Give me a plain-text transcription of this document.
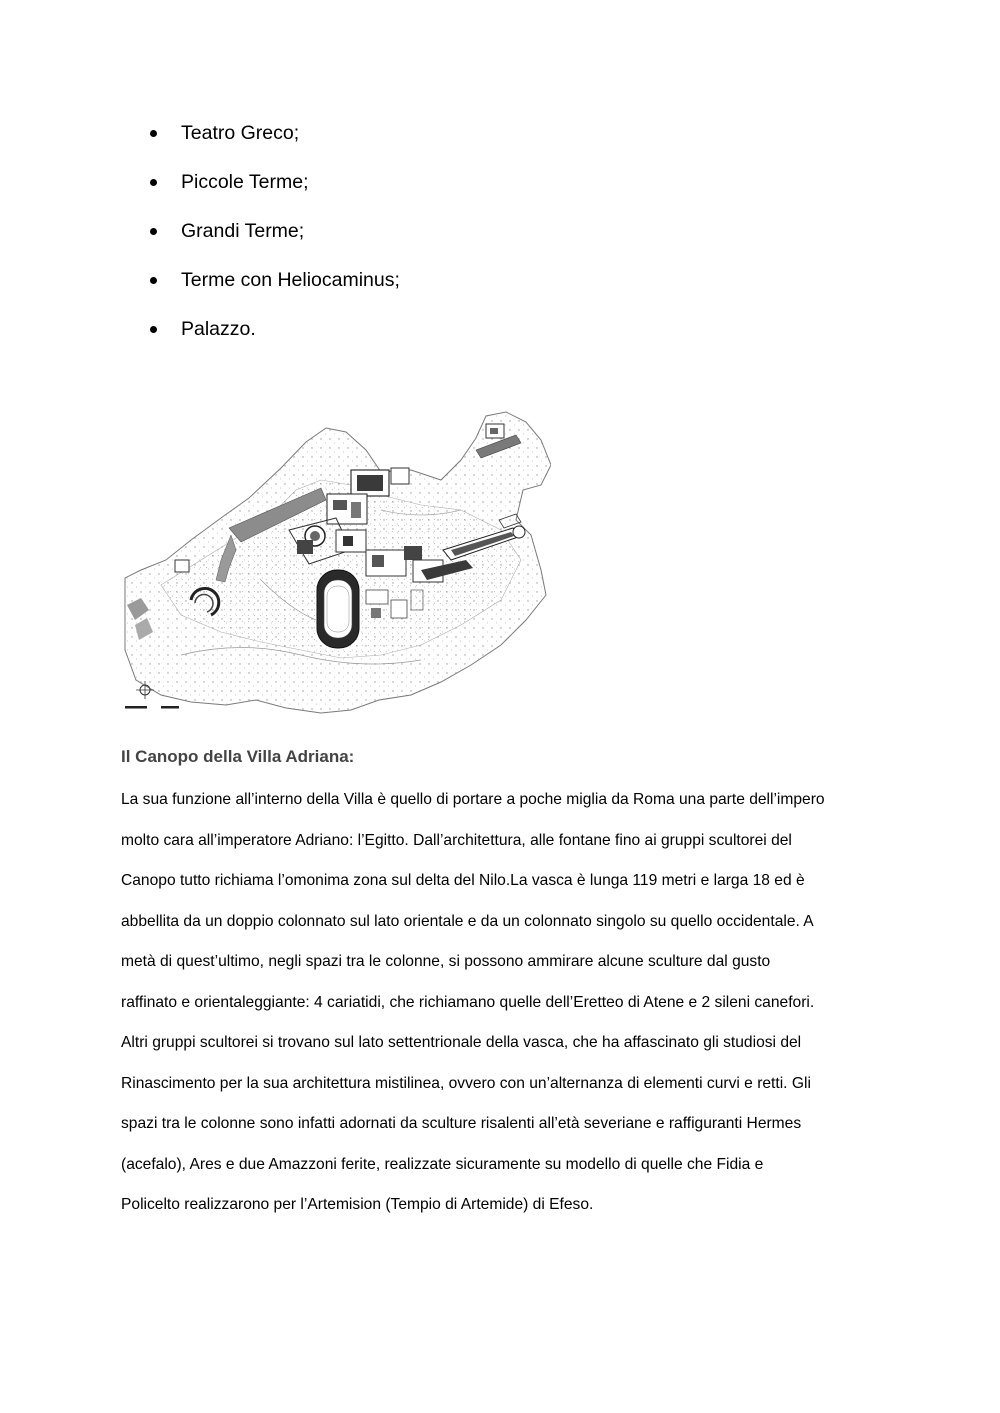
Teatro Greco;
Piccole Terme;
Grandi Terme;
Terme con Heliocaminus;
Palazzo.
Il Canopo della Villa Adriana:
La sua funzione all’interno della Villa è quello di portare a poche miglia da Roma una parte dell’impero
molto cara all’imperatore Adriano: l’Egitto. Dall’architettura, alle fontane fino ai gruppi scultorei del
Canopo tutto richiama l’omonima zona sul delta del Nilo.La vasca è lunga 119 metri e larga 18 ed è
abbellita da un doppio colonnato sul lato orientale e da un colonnato singolo su quello occidentale. A
metà di quest’ultimo, negli spazi tra le colonne, si possono ammirare alcune sculture dal gusto
raffinato e orientaleggiante: 4 cariatidi, che richiamano quelle dell’Eretteo di Atene e 2 sileni canefori.
Altri gruppi scultorei si trovano sul lato settentrionale della vasca, che ha affascinato gli studiosi del
Rinascimento per la sua architettura mistilinea, ovvero con un’alternanza di elementi curvi e retti. Gli
spazi tra le colonne sono infatti adornati da sculture risalenti all’età severiane e raffiguranti Hermes
(acefalo), Ares e due Amazzoni ferite, realizzate sicuramente su modello di quelle che Fidia e
Policelto realizzarono per l’Artemision (Tempio di Artemide) di Efeso.
